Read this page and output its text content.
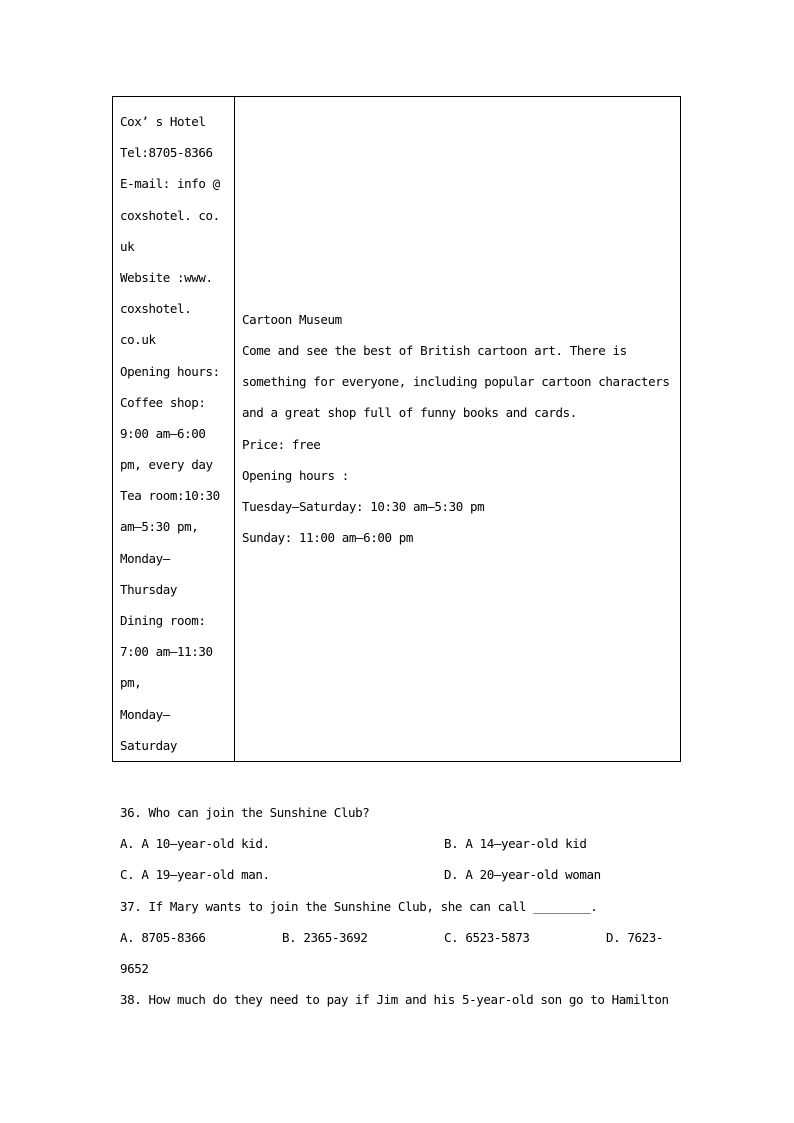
Cox’ s Hotel
Tel:8705-8366
E-mail: info @
coxshotel. co.
uk
Website :www.
coxshotel.
co.uk
Opening hours:
Coffee shop:
9:00 am—6:00
pm, every day
Tea room:10:30
am—5:30 pm,
Monday—
Thursday
Dining room:
7:00 am—11:30
pm,
Monday—
Saturday
Cartoon Museum
Come and see the best of British cartoon art. There is
something for everyone, including popular cartoon characters
and a great shop full of funny books and cards.
Price: free
Opening hours :
Tuesday—Saturday: 10:30 am—5:30 pm
Sunday: 11:00 am—6:00 pm
36. Who can join the Sunshine Club?
A. A 10—year-old kid.	B. A 14—year-old kid
C. A 19—year-old man.	D. A 20—year-old woman
37. If Mary wants to join the Sunshine Club, she can call ________.
A. 8705-8366	B. 2365-3692	C. 6523-5873	D. 7623-
9652
38. How much do they need to pay if Jim and his 5-year-old son go to Hamilton
